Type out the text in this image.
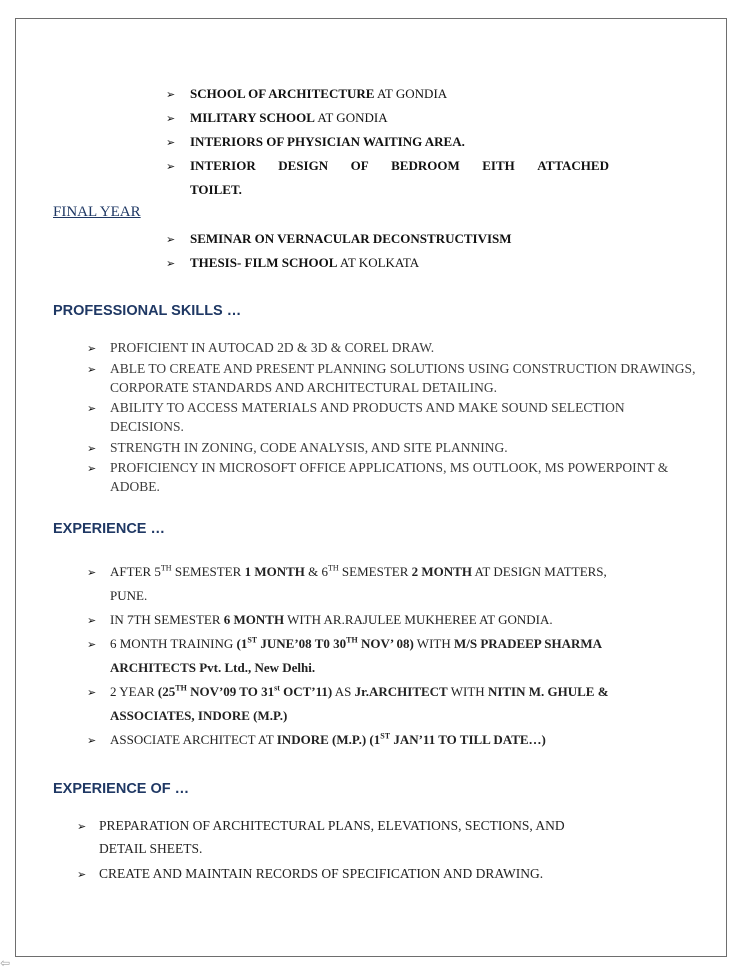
➢ SCHOOL OF ARCHITECTURE AT GONDIA
➢ MILITARY SCHOOL AT GONDIA
➢ INTERIORS OF PHYSICIAN WAITING AREA.
➢ INTERIOR DESIGN OF BEDROOM EITH ATTACHED
TOILET.
FINAL YEAR
➢ SEMINAR ON VERNACULAR DECONSTRUCTIVISM
➢ THESIS- FILM SCHOOL AT KOLKATA
PROFESSIONAL SKILLS …
➢ PROFICIENT IN AUTOCAD 2D & 3D & COREL DRAW.
➢ ABLE TO CREATE AND PRESENT PLANNING SOLUTIONS USING CONSTRUCTION DRAWINGS, CORPORATE STANDARDS AND ARCHITECTURAL DETAILING.
➢ ABILITY TO ACCESS MATERIALS AND PRODUCTS AND MAKE SOUND SELECTION DECISIONS.
➢ STRENGTH IN ZONING, CODE ANALYSIS, AND SITE PLANNING.
➢ PROFICIENCY IN MICROSOFT OFFICE APPLICATIONS, MS OUTLOOK, MS POWERPOINT & ADOBE.
EXPERIENCE …
➢ AFTER 5TH SEMESTER 1 MONTH & 6TH SEMESTER 2 MONTH AT DESIGN MATTERS, PUNE.
➢ IN 7TH SEMESTER 6 MONTH WITH AR.RAJULEE MUKHEREE AT GONDIA.
➢ 6 MONTH TRAINING (1ST JUNE’08 T0 30TH NOV’ 08) WITH M/S PRADEEP SHARMA ARCHITECTS Pvt. Ltd., New Delhi.
➢ 2 YEAR (25TH NOV’09 TO 31st OCT’11) AS Jr.ARCHITECT WITH NITIN M. GHULE & ASSOCIATES, INDORE (M.P.)
➢ ASSOCIATE ARCHITECT AT INDORE (M.P.) (1ST JAN’11 TO TILL DATE…)
EXPERIENCE OF …
➢ PREPARATION OF ARCHITECTURAL PLANS, ELEVATIONS, SECTIONS, AND DETAIL SHEETS.
➢ CREATE AND MAINTAIN RECORDS OF SPECIFICATION AND DRAWING.
⇦
